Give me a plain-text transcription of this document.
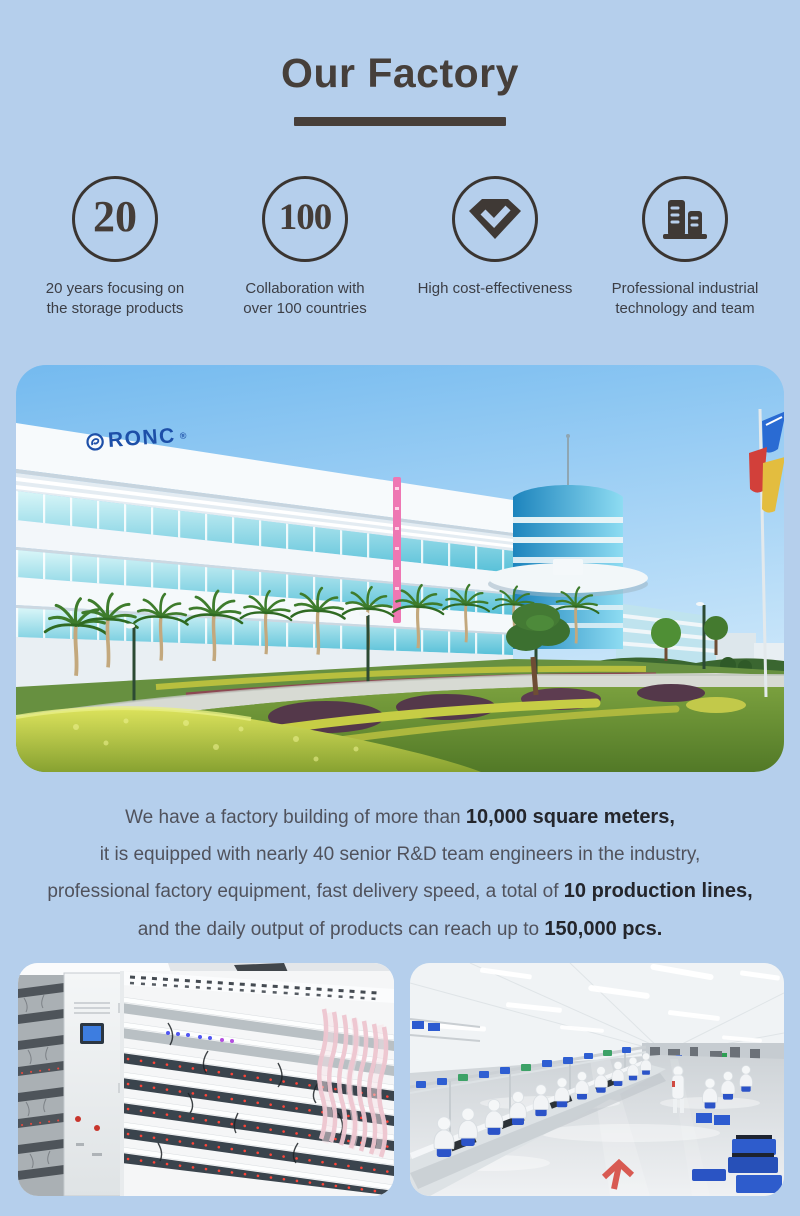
Our Factory
20
20 years focusing on
the storage products
100
Collaboration with
over 100 countries
High cost-effectiveness	Professional industrial
technology and team
RONC ®
We have a factory building of more than 10,000 square meters,
it is equipped with nearly 40 senior R&D team engineers in the industry,
professional factory equipment, fast delivery speed, a total of 10 production lines,
and the daily output of products can reach up to 150,000 pcs.
